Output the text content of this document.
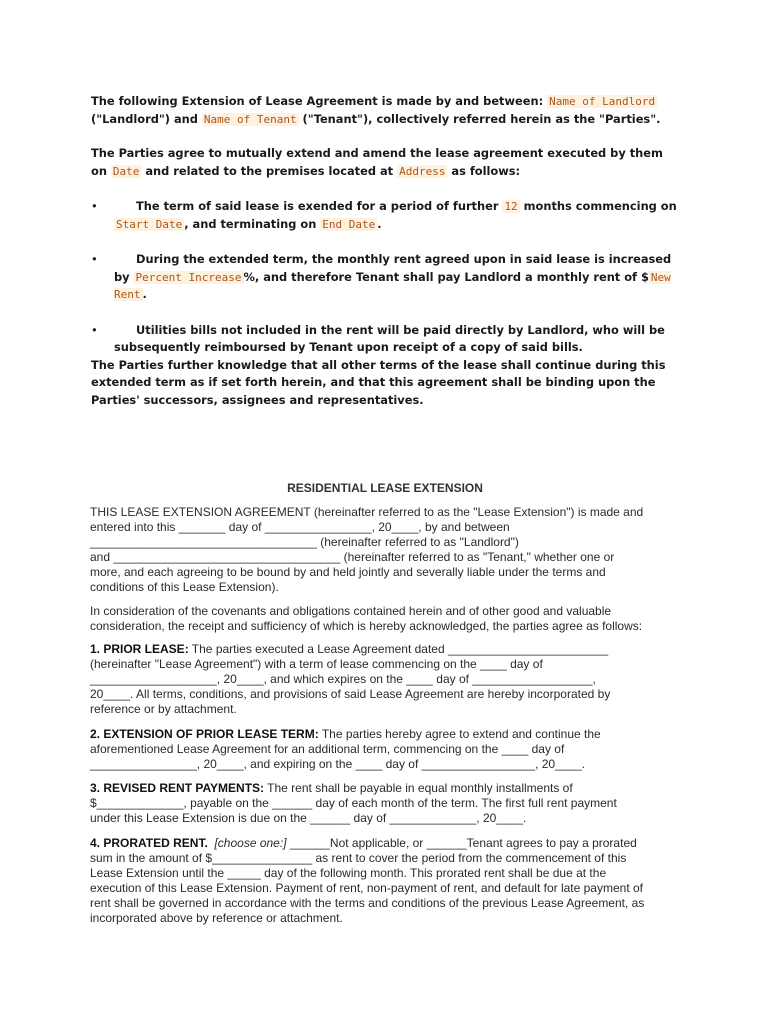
The following Extension of Lease Agreement is made by and between: Name of Landlord ("Landlord") and Name of Tenant ("Tenant"), collectively referred herein as the "Parties".

The Parties agree to mutually extend and amend the lease agreement executed by them on Date and related to the premises located at Address as follows:

•	The term of said lease is exended for a period of further 12 months commencing on Start Date , and terminating on End Date .

•	During the extended term, the monthly rent agreed upon in said lease is increased by Percent Increase %, and therefore Tenant shall pay Landlord a monthly rent of $ New Rent .

•	Utilities bills not included in the rent will be paid directly by Landlord, who will be subsequently reimboursed by Tenant upon receipt of a copy of said bills.

The Parties further knowledge that all other terms of the lease shall continue during this extended term as if set forth herein, and that this agreement shall be binding upon the Parties' successors, assignees and representatives.

RESIDENTIAL LEASE EXTENSION

THIS LEASE EXTENSION AGREEMENT (hereinafter referred to as the "Lease Extension") is made and

entered into this _______ day of ________________, 20____, by and between

__________________________________ (hereinafter referred to as "Landlord")

and __________________________________ (hereinafter referred to as "Tenant," whether one or

more, and each agreeing to be bound by and held jointly and severally liable under the terms and

conditions of this Lease Extension).

In consideration of the covenants and obligations contained herein and of other good and valuable

consideration, the receipt and sufficiency of which is hereby acknowledged, the parties agree as follows:

1. PRIOR LEASE: The parties executed a Lease Agreement dated ________________________

(hereinafter "Lease Agreement") with a term of lease commencing on the ____ day of

___________________, 20____, and which expires on the ____ day of __________________,

20____. All terms, conditions, and provisions of said Lease Agreement are hereby incorporated by

reference or by attachment.

2. EXTENSION OF PRIOR LEASE TERM: The parties hereby agree to extend and continue the

aforementioned Lease Agreement for an additional term, commencing on the ____ day of

________________, 20____, and expiring on the ____ day of _________________, 20____.

3. REVISED RENT PAYMENTS: The rent shall be payable in equal monthly installments of

$_____________, payable on the ______ day of each month of the term. The first full rent payment

under this Lease Extension is due on the ______ day of _____________, 20____.

4. PRORATED RENT. [choose one:] ______Not applicable, or ______Tenant agrees to pay a prorated

sum in the amount of $_______________ as rent to cover the period from the commencement of this

Lease Extension until the _____ day of the following month. This prorated rent shall be due at the

execution of this Lease Extension. Payment of rent, non-payment of rent, and default for late payment of

rent shall be governed in accordance with the terms and conditions of the previous Lease Agreement, as

incorporated above by reference or attachment.
